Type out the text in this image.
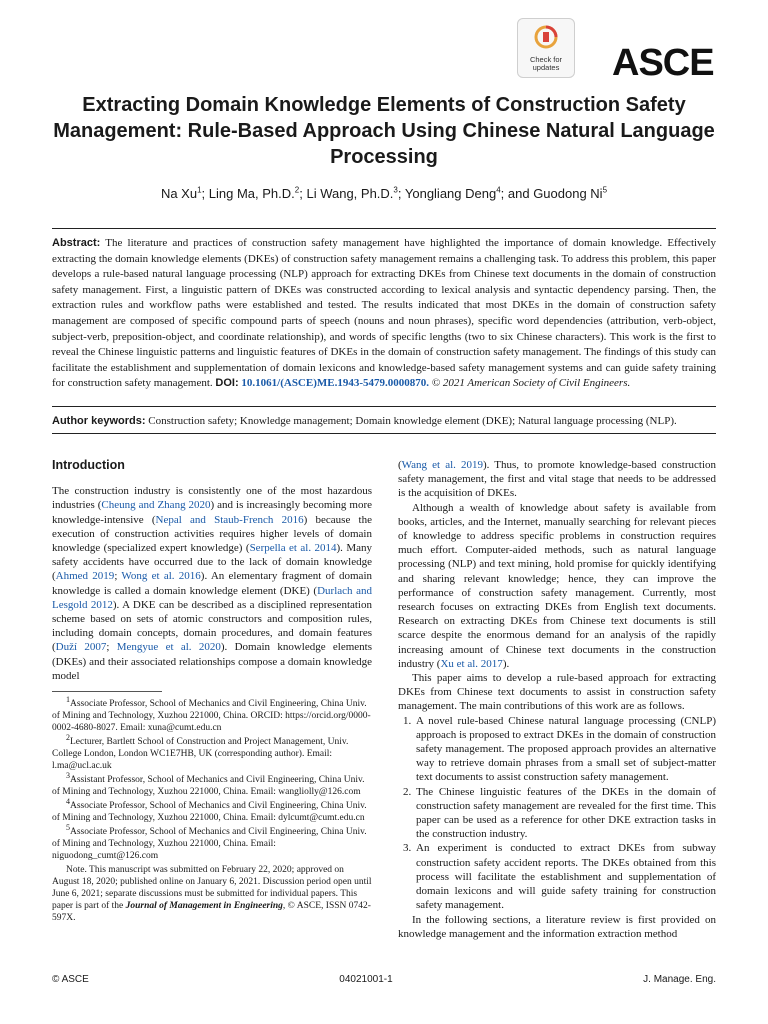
Check for
updates	ASCE
Extracting Domain Knowledge Elements of Construction Safety Management: Rule-Based Approach Using Chinese Natural Language Processing
Na Xu$^1$; Ling Ma, Ph.D.$^2$; Li Wang, Ph.D.$^3$; Yongliang Deng$^4$; and Guodong Ni$^5$
Abstract: The literature and practices of construction safety management have highlighted the importance of domain knowledge. Effectively extracting the domain knowledge elements (DKEs) of construction safety management remains a challenging task. To address this problem, this paper develops a rule-based natural language processing (NLP) approach for extracting DKEs from Chinese text documents in the domain of construction safety management. First, a linguistic pattern of DKEs was constructed according to lexical analysis and syntactic dependency parsing. Then, the extraction rules and workflow paths were established and tested. The results indicated that most DKEs in the domain of construction safety management are composed of specific compound parts of speech (nouns and noun phrases), specific word dependencies (attribution, verb-object, subject-verb, preposition-object, and coordinate relationship), and words of specific lengths (two to six Chinese characters). This work is the first to reveal the Chinese linguistic patterns and linguistic features of DKEs in the domain of construction safety management. The findings of this study can facilitate the establishment and supplementation of domain lexicons and knowledge-based safety management systems and can guide safety training for construction safety management. DOI: 10.1061/(ASCE)ME.1943-5479.0000870. © 2021 American Society of Civil Engineers.
Author keywords: Construction safety; Knowledge management; Domain knowledge element (DKE); Natural language processing (NLP).
Introduction

The construction industry is consistently one of the most hazardous industries (Cheung and Zhang 2020) and is increasingly becoming more knowledge-intensive (Nepal and Staub-French 2016) because the execution of construction activities requires higher levels of domain knowledge (specialized expert knowledge) (Serpella et al. 2014). Many safety accidents have occurred due to the lack of domain knowledge (Ahmed 2019; Wong et al. 2016). An elementary fragment of domain knowledge is called a domain knowledge element (DKE) (Durlach and Lesgold 2012). A DKE can be described as a disciplined representation scheme based on sets of atomic constructors and composition rules, including domain concepts, domain procedures, and domain features (Duží 2007; Mengyue et al. 2020). Domain knowledge elements (DKEs) and their associated relationships compose a domain knowledge model

$^1$Associate Professor, School of Mechanics and Civil Engineering, China Univ. of Mining and Technology, Xuzhou 221000, China. ORCID: https://orcid.org/0000-0002-4680-8027. Email: xuna@cumt.edu.cn

$^2$Lecturer, Bartlett School of Construction and Project Management, Univ. College London, London WC1E7HB, UK (corresponding author). Email: l.ma@ucl.ac.uk

$^3$Assistant Professor, School of Mechanics and Civil Engineering, China Univ. of Mining and Technology, Xuzhou 221000, China. Email: wangliolly@126.com

$^4$Associate Professor, School of Mechanics and Civil Engineering, China Univ. of Mining and Technology, Xuzhou 221000, China. Email: dylcumt@cumt.edu.cn

$^5$Associate Professor, School of Mechanics and Civil Engineering, China Univ. of Mining and Technology, Xuzhou 221000, China. Email: niguodong_cumt@126.com

Note. This manuscript was submitted on February 22, 2020; approved on August 18, 2020; published online on January 6, 2021. Discussion period open until June 6, 2021; separate discussions must be submitted for individual papers. This paper is part of the Journal of Management in Engineering, © ASCE, ISSN 0742-597X.

(Wang et al. 2019). Thus, to promote knowledge-based construction safety management, the first and vital stage that needs to be addressed is the acquisition of DKEs.

Although a wealth of knowledge about safety is available from books, articles, and the Internet, manually searching for relevant pieces of knowledge to address specific problems in construction requires much effort. Computer-aided methods, such as natural language processing (NLP) and text mining, hold promise for quickly identifying and sharing relevant knowledge; hence, they can improve the performance of construction safety management. Currently, most research focuses on extracting DKEs from English text documents. Research on extracting DKEs from Chinese text documents is still scarce despite the enormous demand for an analysis of the rapidly increasing amount of Chinese text documents in the construction industry (Xu et al. 2017).

This paper aims to develop a rule-based approach for extracting DKEs from Chinese text documents to assist in construction safety management. The main contributions of this work are as follows.

1. A novel rule-based Chinese natural language processing (CNLP) approach is proposed to extract DKEs in the domain of construction safety management. The proposed approach provides an alternative way to retrieve domain phrases from a small set of subject-matter text documents to assist construction safety management.
2. The Chinese linguistic features of the DKEs in the domain of construction safety management are revealed for the first time. This paper can be used as a reference for other DKE extraction tasks in the construction industry.
3. An experiment is conducted to extract DKEs from subway construction safety accident reports. The DKEs obtained from this process will facilitate the establishment and supplementation of domain lexicons and will guide safety training for construction safety management.

In the following sections, a literature review is first provided on knowledge management and the information extraction method

© ASCE	04021001-1	J. Manage. Eng.
